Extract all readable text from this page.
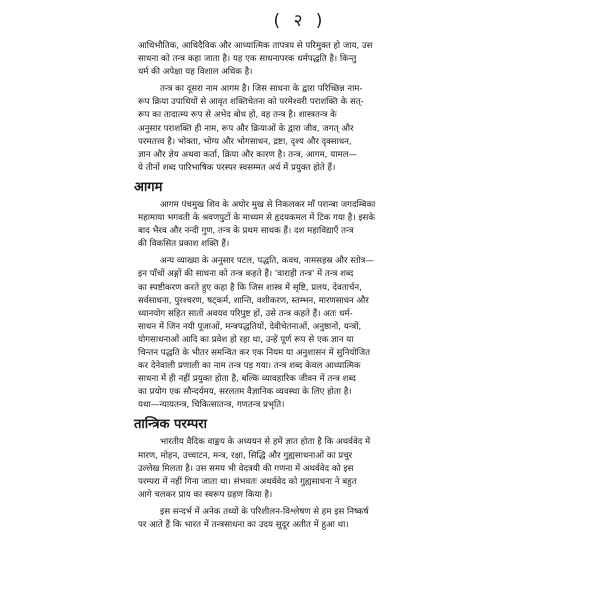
( २ )

आधिभौतिक, आधिदैविक और आध्यात्मिक तापत्रय से परिमुक्त हो जाय, उस
साधना को तन्त्र कहा जाता है। यह एक साधनापरक धर्मपद्धति है। किन्तु
धर्म की अपेक्षा यह विशाल अधिक है।

तन्त्र का दूसरा नाम आगम है। जिस साधना के द्वारा परिच्छिन्न नाम-
रूप क्रिया उपाधियों से आवृत शक्तिचेतना को परमेश्वरी पराशक्ति के सत्-
रूप का तादात्म्य रूप से अभेद बोध हो, वह तन्त्र है। शास्त्रतन्त्र के
अनुसार पराशक्ति ही नाम, रूप और क्रियाओं के द्वारा जीव, जगत् और
परमतत्त्व है। भोक्ता, भोग्य और भोगसाधन, द्रष्टा, दृश्य और दृक्साधन,
ज्ञान और ज्ञेय अथवा कर्ता, क्रिया और कारण है। तन्त्र, आगम, यामल—
ये तीनों शब्द पारिभाषिक परस्पर स्वसम्मत अर्थ में प्रयुक्त होते हैं।

आगम

आगम पंचमुख शिव के अघोर मुख से निकलकर माँ परान्बा जगदम्बिका
महामाया भगवती के श्रवणपुटों के माध्यम से हृदयकमल में टिक गया है। इसके
बाद भैरव और नन्दी गुण, तन्त्र के प्रथम साधक हैं। दश महाविद्याएँ तन्त्र
की विकसित प्रकाश शक्ति हैं।

अन्य व्याख्या के अनुसार पटल, पद्धति, कवच, नामसहस्र और स्तोत्र—
इन पाँचों अङ्गों की साधना को तन्त्र कहते हैं। 'वाराही तन्त्र' में तन्त्र शब्द
का स्पष्टीकरण करते हुए कहा है कि जिस शास्त्र में सृष्टि, प्रलय, देवतार्चन,
सर्वसाधना, पुरश्चरण, षट्कर्म, शान्ति, वशीकरण, स्तम्भन, मारणसाधन और
ध्यानयोग सहित सातों अवयव परिपुष्ट हों, उसे तन्त्र कहते हैं। अतः धर्म-
साधन में जिन नयी पूजाओं, मन्त्रपद्धतियों, देवीचेतनाओं, अनुष्ठानों, यन्त्रों,
योगसाधनाओं आदि का प्रवेश हो रहा था, उन्हें पूर्ण रूप से एक ज्ञान या
चिन्तन पद्धति के भीतर समन्वित कर एक नियम या अनुशासन में सुनियोजित
कर देनेवाली प्रणाली का नाम तन्त्र पड़ गया। तन्त्र शब्द केवल आध्यात्मिक
साधना में ही नहीं प्रयुक्त होता है, बल्कि व्यावहारिक जीवन में तन्त्र शब्द
का प्रयोग एक सौन्दर्यमय, सरलतम वैज्ञानिक व्यवस्था के लिए होता है।
यथा—न्यायतन्त्र, चिकित्सातन्त्र, गणतन्त्र प्रभृति।

तान्त्रिक परम्परा

भारतीय वैदिक वाङ्मय के अध्ययन से हमें ज्ञात होता है कि अथर्ववेद में
मारण, मोहन, उच्चाटन, मन्त्र, रक्षा, सिद्धि और गुह्यसाधनाओं का प्रचुर
उल्लेख मिलता है। उस समय भी वेदत्रयी की गणना में अथर्ववेद को इस
परम्परा में नहीं गिना जाता था। संभवतः अथर्ववेद को गुह्यसाधना ने बहुत
आगे चलकर प्राय का स्वरूप ग्रहण किया है।

इस सन्दर्भ में अनेक तथ्यों के परिशीलन-विश्लेषण से हम इस निष्कर्ष
पर आते हैं कि भारत में तन्त्रसाधना का उदय सुदूर अतीत में हुआ था।
